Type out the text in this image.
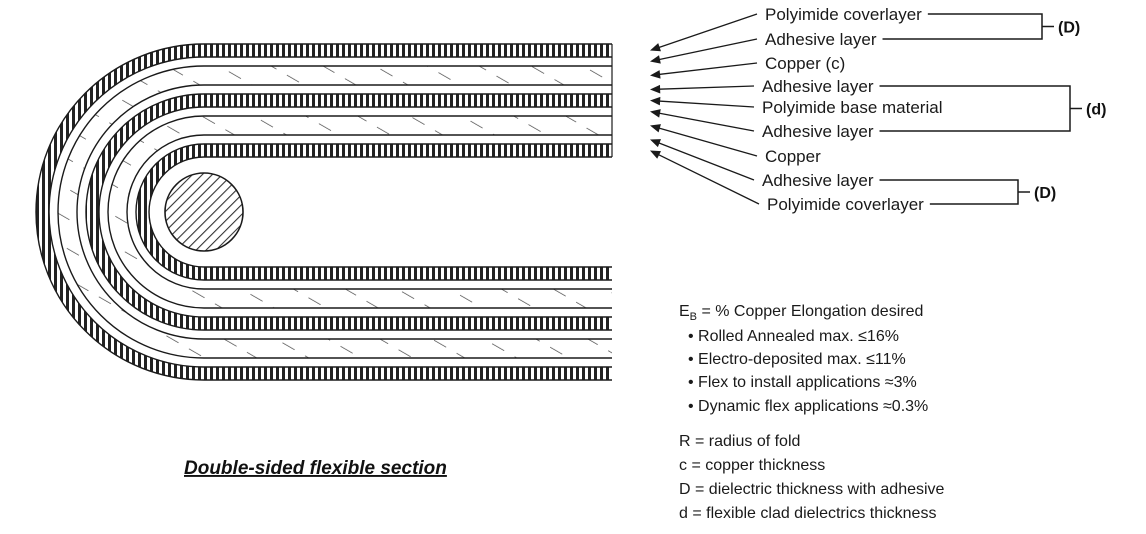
Polyimide coverlayer
Adhesive layer
Copper (c)
Adhesive layer
Polyimide base material
Adhesive layer
Copper
Adhesive layer
Polyimide coverlayer
(D)
(d)
(D)
Double-sided flexible section
$E_B$ = % Copper Elongation desired
• Rolled Annealed max. ≤16%
• Electro-deposited max. ≤11%
• Flex to install applications ≈3%
• Dynamic flex applications ≈0.3%
R = radius of fold
c = copper thickness
D = dielectric thickness with adhesive
d = flexible clad dielectrics thickness
